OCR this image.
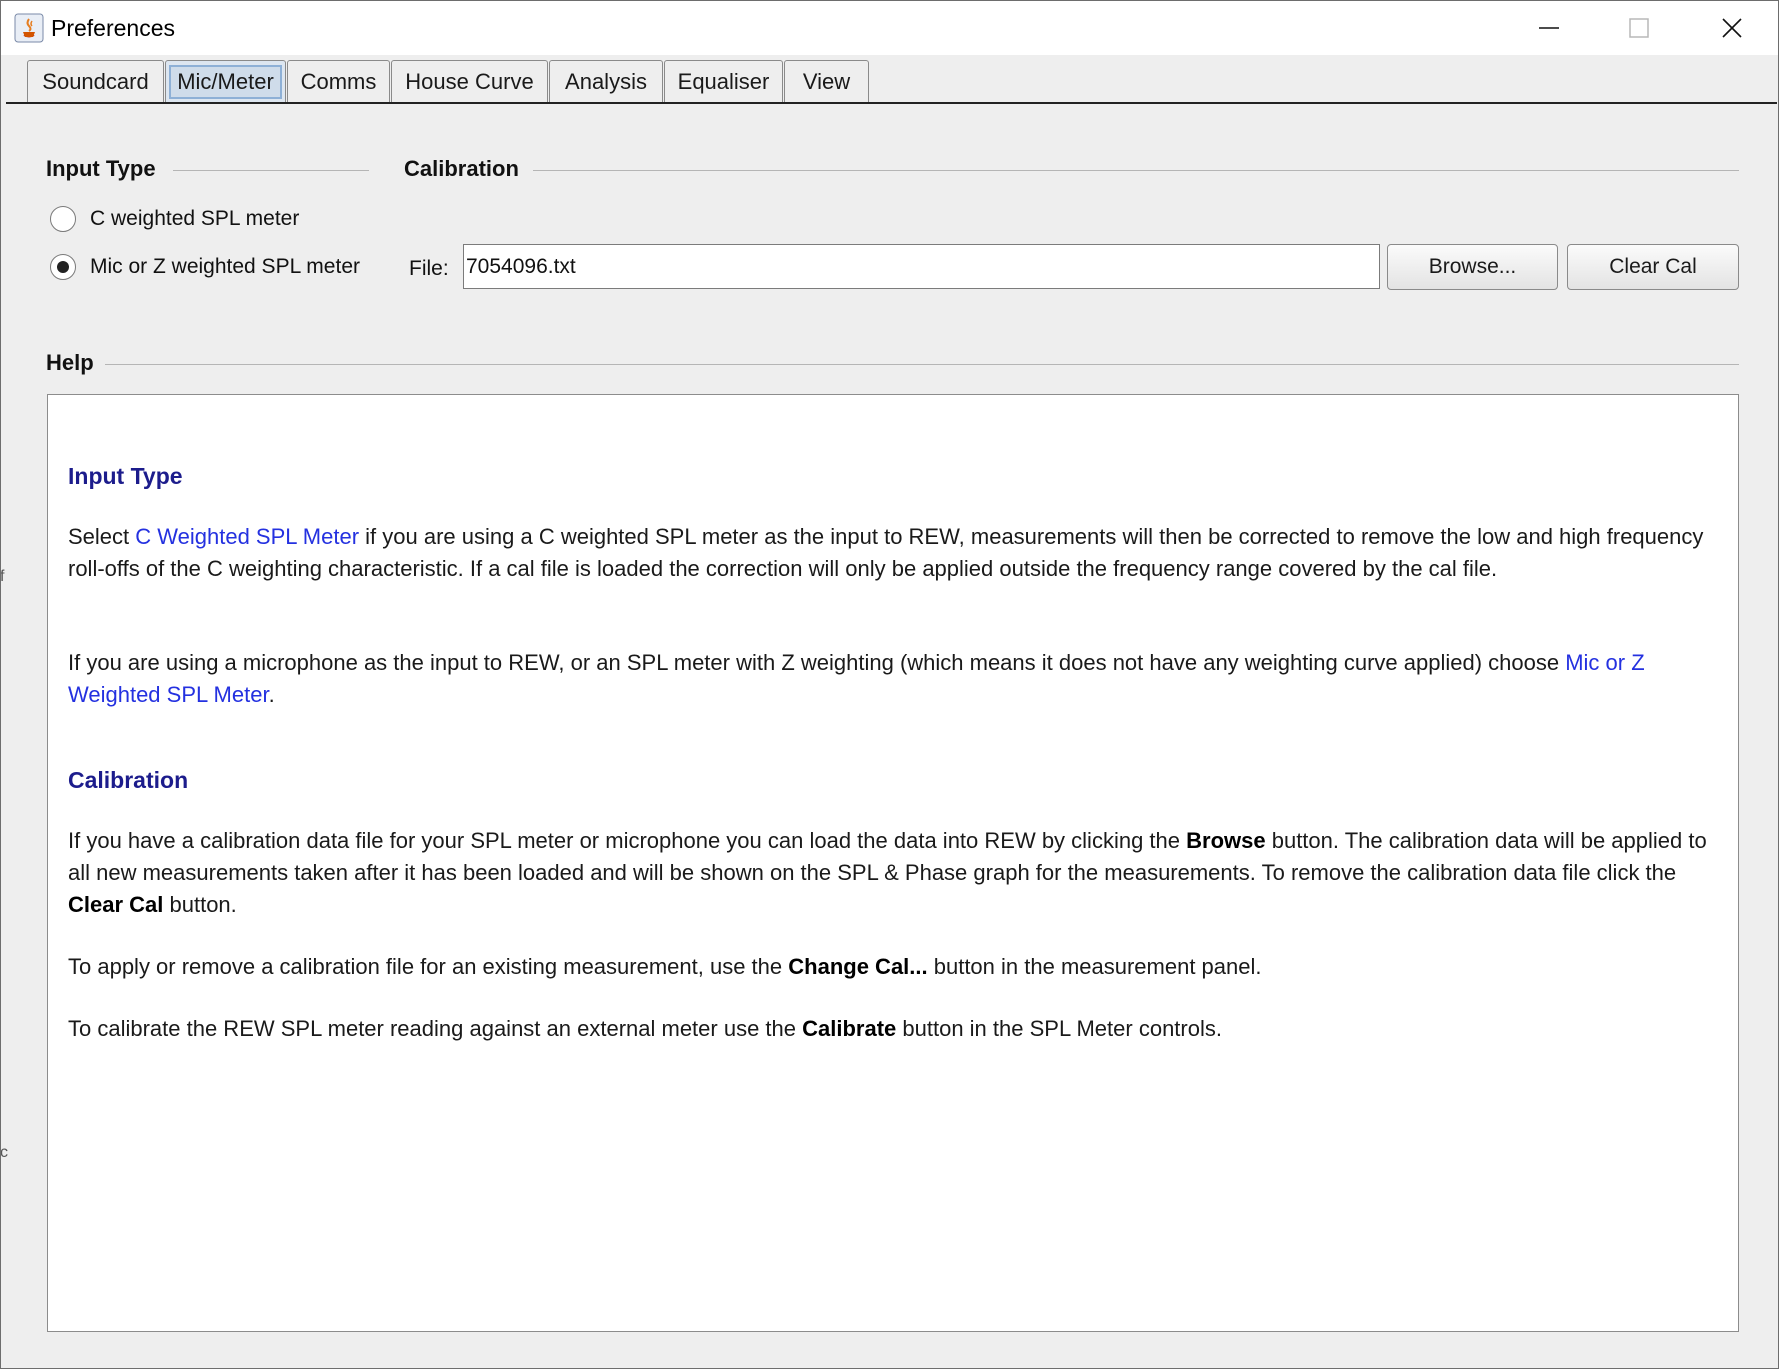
Preferences
Soundcard	Mic/Meter	Comms	House Curve	Analysis	Equaliser	View
Input Type
C weighted SPL meter
Mic or Z weighted SPL meter
Calibration
File:
7054096.txt	Browse...	Clear Cal
Help
Input Type
Select C Weighted SPL Meter if you are using a C weighted SPL meter as the input to REW, measurements will then be corrected to remove the low and high frequency roll-offs of the C weighting characteristic. If a cal file is loaded the correction will only be applied outside the frequency range covered by the cal file.
If you are using a microphone as the input to REW, or an SPL meter with Z weighting (which means it does not have any weighting curve applied) choose Mic or Z Weighted SPL Meter.
Calibration
If you have a calibration data file for your SPL meter or microphone you can load the data into REW by clicking the Browse button. The calibration data will be applied to all new measurements taken after it has been loaded and will be shown on the SPL & Phase graph for the measurements. To remove the calibration data file click the Clear Cal button.
To apply or remove a calibration file for an existing measurement, use the Change Cal... button in the measurement panel.
To calibrate the REW SPL meter reading against an external meter use the Calibrate button in the SPL Meter controls.
f
c
